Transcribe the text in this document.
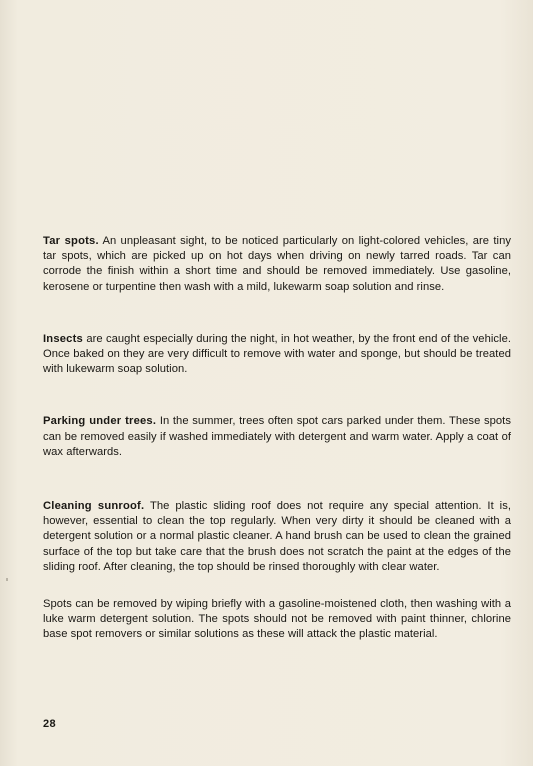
Tar spots. An unpleasant sight, to be noticed particularly on light-colored vehicles, are tiny tar spots, which are picked up on hot days when driving on newly tarred roads. Tar can corrode the finish within a short time and should be removed immediately. Use gasoline, kerosene or turpentine then wash with a mild, lukewarm soap solution and rinse.

Insects are caught especially during the night, in hot weather, by the front end of the vehicle. Once baked on they are very difficult to remove with water and sponge, but should be treated with lukewarm soap solution.

Parking under trees. In the summer, trees often spot cars parked under them. These spots can be removed easily if washed immediately with detergent and warm water. Apply a coat of wax afterwards.

Cleaning sunroof. The plastic sliding roof does not require any special attention. It is, however, essential to clean the top regularly. When very dirty it should be cleaned with a detergent solution or a normal plastic cleaner. A hand brush can be used to clean the grained surface of the top but take care that the brush does not scratch the paint at the edges of the sliding roof. After cleaning, the top should be rinsed thoroughly with clear water.

Spots can be removed by wiping briefly with a gasoline-moistened cloth, then washing with a luke warm detergent solution. The spots should not be removed with paint thinner, chlorine base spot removers or similar solutions as these will attack the plastic material.

28
